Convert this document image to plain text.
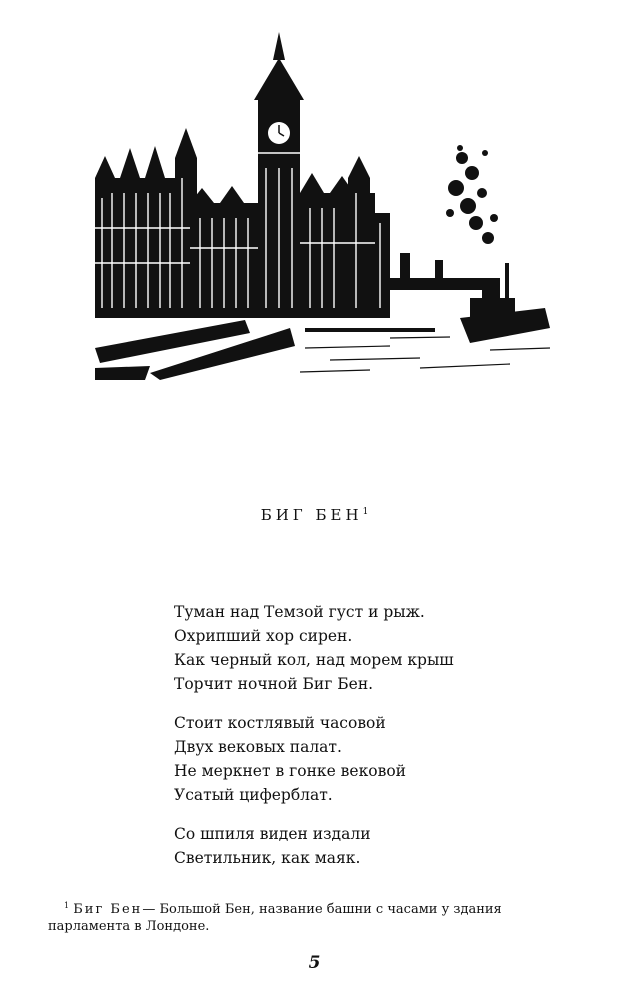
БИГ БЕН$^1$
Туман над Темзой густ и рыж.
Охрипший хор сирен.
Как черный кол, над морем крыш
Торчит ночной Биг Бен.
Стоит костлявый часовой
Двух вековых палат.
Не меркнет в гонке вековой
Усатый циферблат.
Со шпиля виден издали
Светильник, как маяк.
$^1$ Биг Бен— Большой Бен, название башни с часами у здания
парламента в Лондоне.
5
